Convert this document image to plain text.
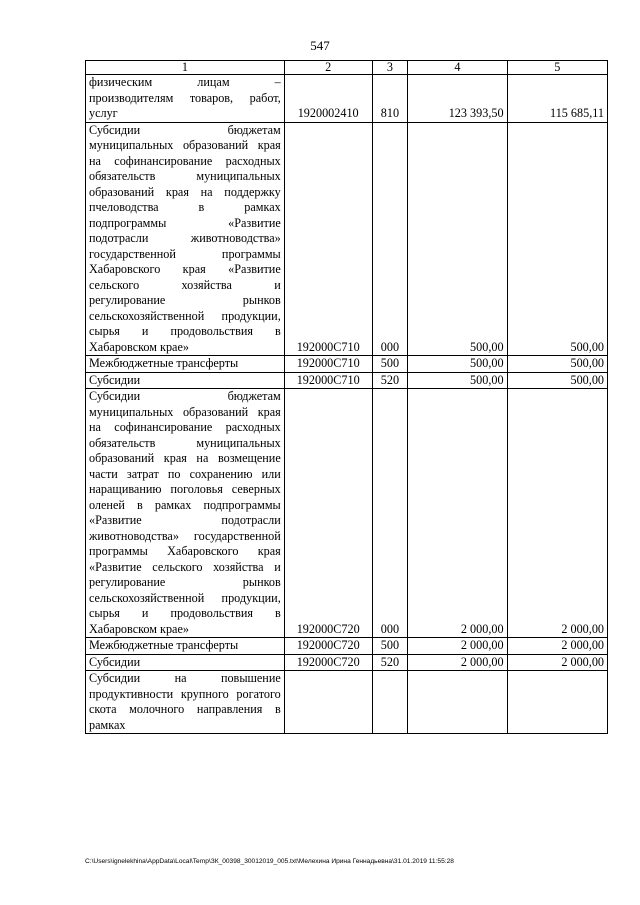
547
1	2	3	4	5
физическим лицам – производителям товаров, работ, услуг	1920002410	810	123 393,50	115 685,11
Субсидии бюджетам муниципальных образований края на софинансирование расходных обязательств муниципальных образований края на поддержку пчеловодства в рамках подпрограммы «Развитие подотрасли животноводства» государственной программы Хабаровского края «Развитие сельского хозяйства и регулирование рынков сельскохозяйственной продукции, сырья и продовольствия в Хабаровском крае»	192000С710	000	500,00	500,00
Межбюджетные трансферты	192000С710	500	500,00	500,00
Субсидии	192000С710	520	500,00	500,00
Субсидии бюджетам муниципальных образований края на софинансирование расходных обязательств муниципальных образований края на возмещение части затрат по сохранению или наращиванию поголовья северных оленей в рамках подпрограммы «Развитие подотрасли животноводства» государственной программы Хабаровского края «Развитие сельского хозяйства и регулирование рынков сельскохозяйственной продукции, сырья и продовольствия в Хабаровском крае»	192000С720	000	2 000,00	2 000,00
Межбюджетные трансферты	192000С720	500	2 000,00	2 000,00
Субсидии	192000С720	520	2 000,00	2 000,00
Субсидии на повышение продуктивности крупного рогатого скота молочного направления в рамках				
C:\Users\ignelekhina\AppData\Local\Temp\ЗК_00398_30012019_005.txt\Мелехина Ирина Геннадьевна\31.01.2019 11:55:28
